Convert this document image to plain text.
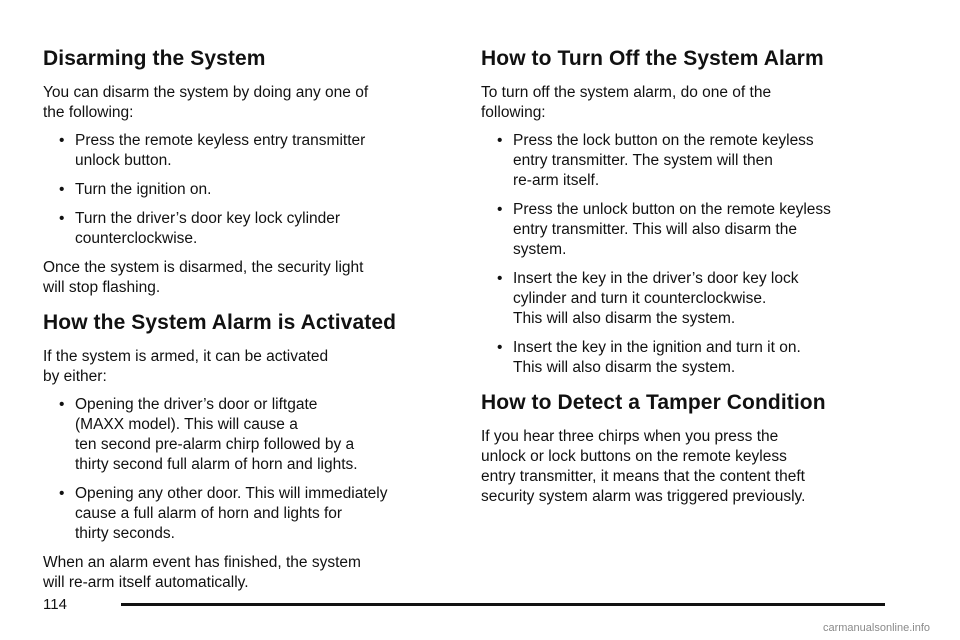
Disarming the System

You can disarm the system by doing any one of
the following:

• Press the remote keyless entry transmitter
unlock button.
• Turn the ignition on.
• Turn the driver’s door key lock cylinder
counterclockwise.

Once the system is disarmed, the security light
will stop flashing.

How the System Alarm is Activated

If the system is armed, it can be activated
by either:

• Opening the driver’s door or liftgate
(MAXX model). This will cause a
ten second pre-alarm chirp followed by a
thirty second full alarm of horn and lights.
• Opening any other door. This will immediately
cause a full alarm of horn and lights for
thirty seconds.

When an alarm event has finished, the system
will re-arm itself automatically.

How to Turn Off the System Alarm

To turn off the system alarm, do one of the
following:

• Press the lock button on the remote keyless
entry transmitter. The system will then
re-arm itself.
• Press the unlock button on the remote keyless
entry transmitter. This will also disarm the
system.
• Insert the key in the driver’s door key lock
cylinder and turn it counterclockwise.
This will also disarm the system.
• Insert the key in the ignition and turn it on.
This will also disarm the system.
How to Detect a Tamper Condition

If you hear three chirps when you press the
unlock or lock buttons on the remote keyless
entry transmitter, it means that the content theft
security system alarm was triggered previously.

114
carmanualsonline.info
